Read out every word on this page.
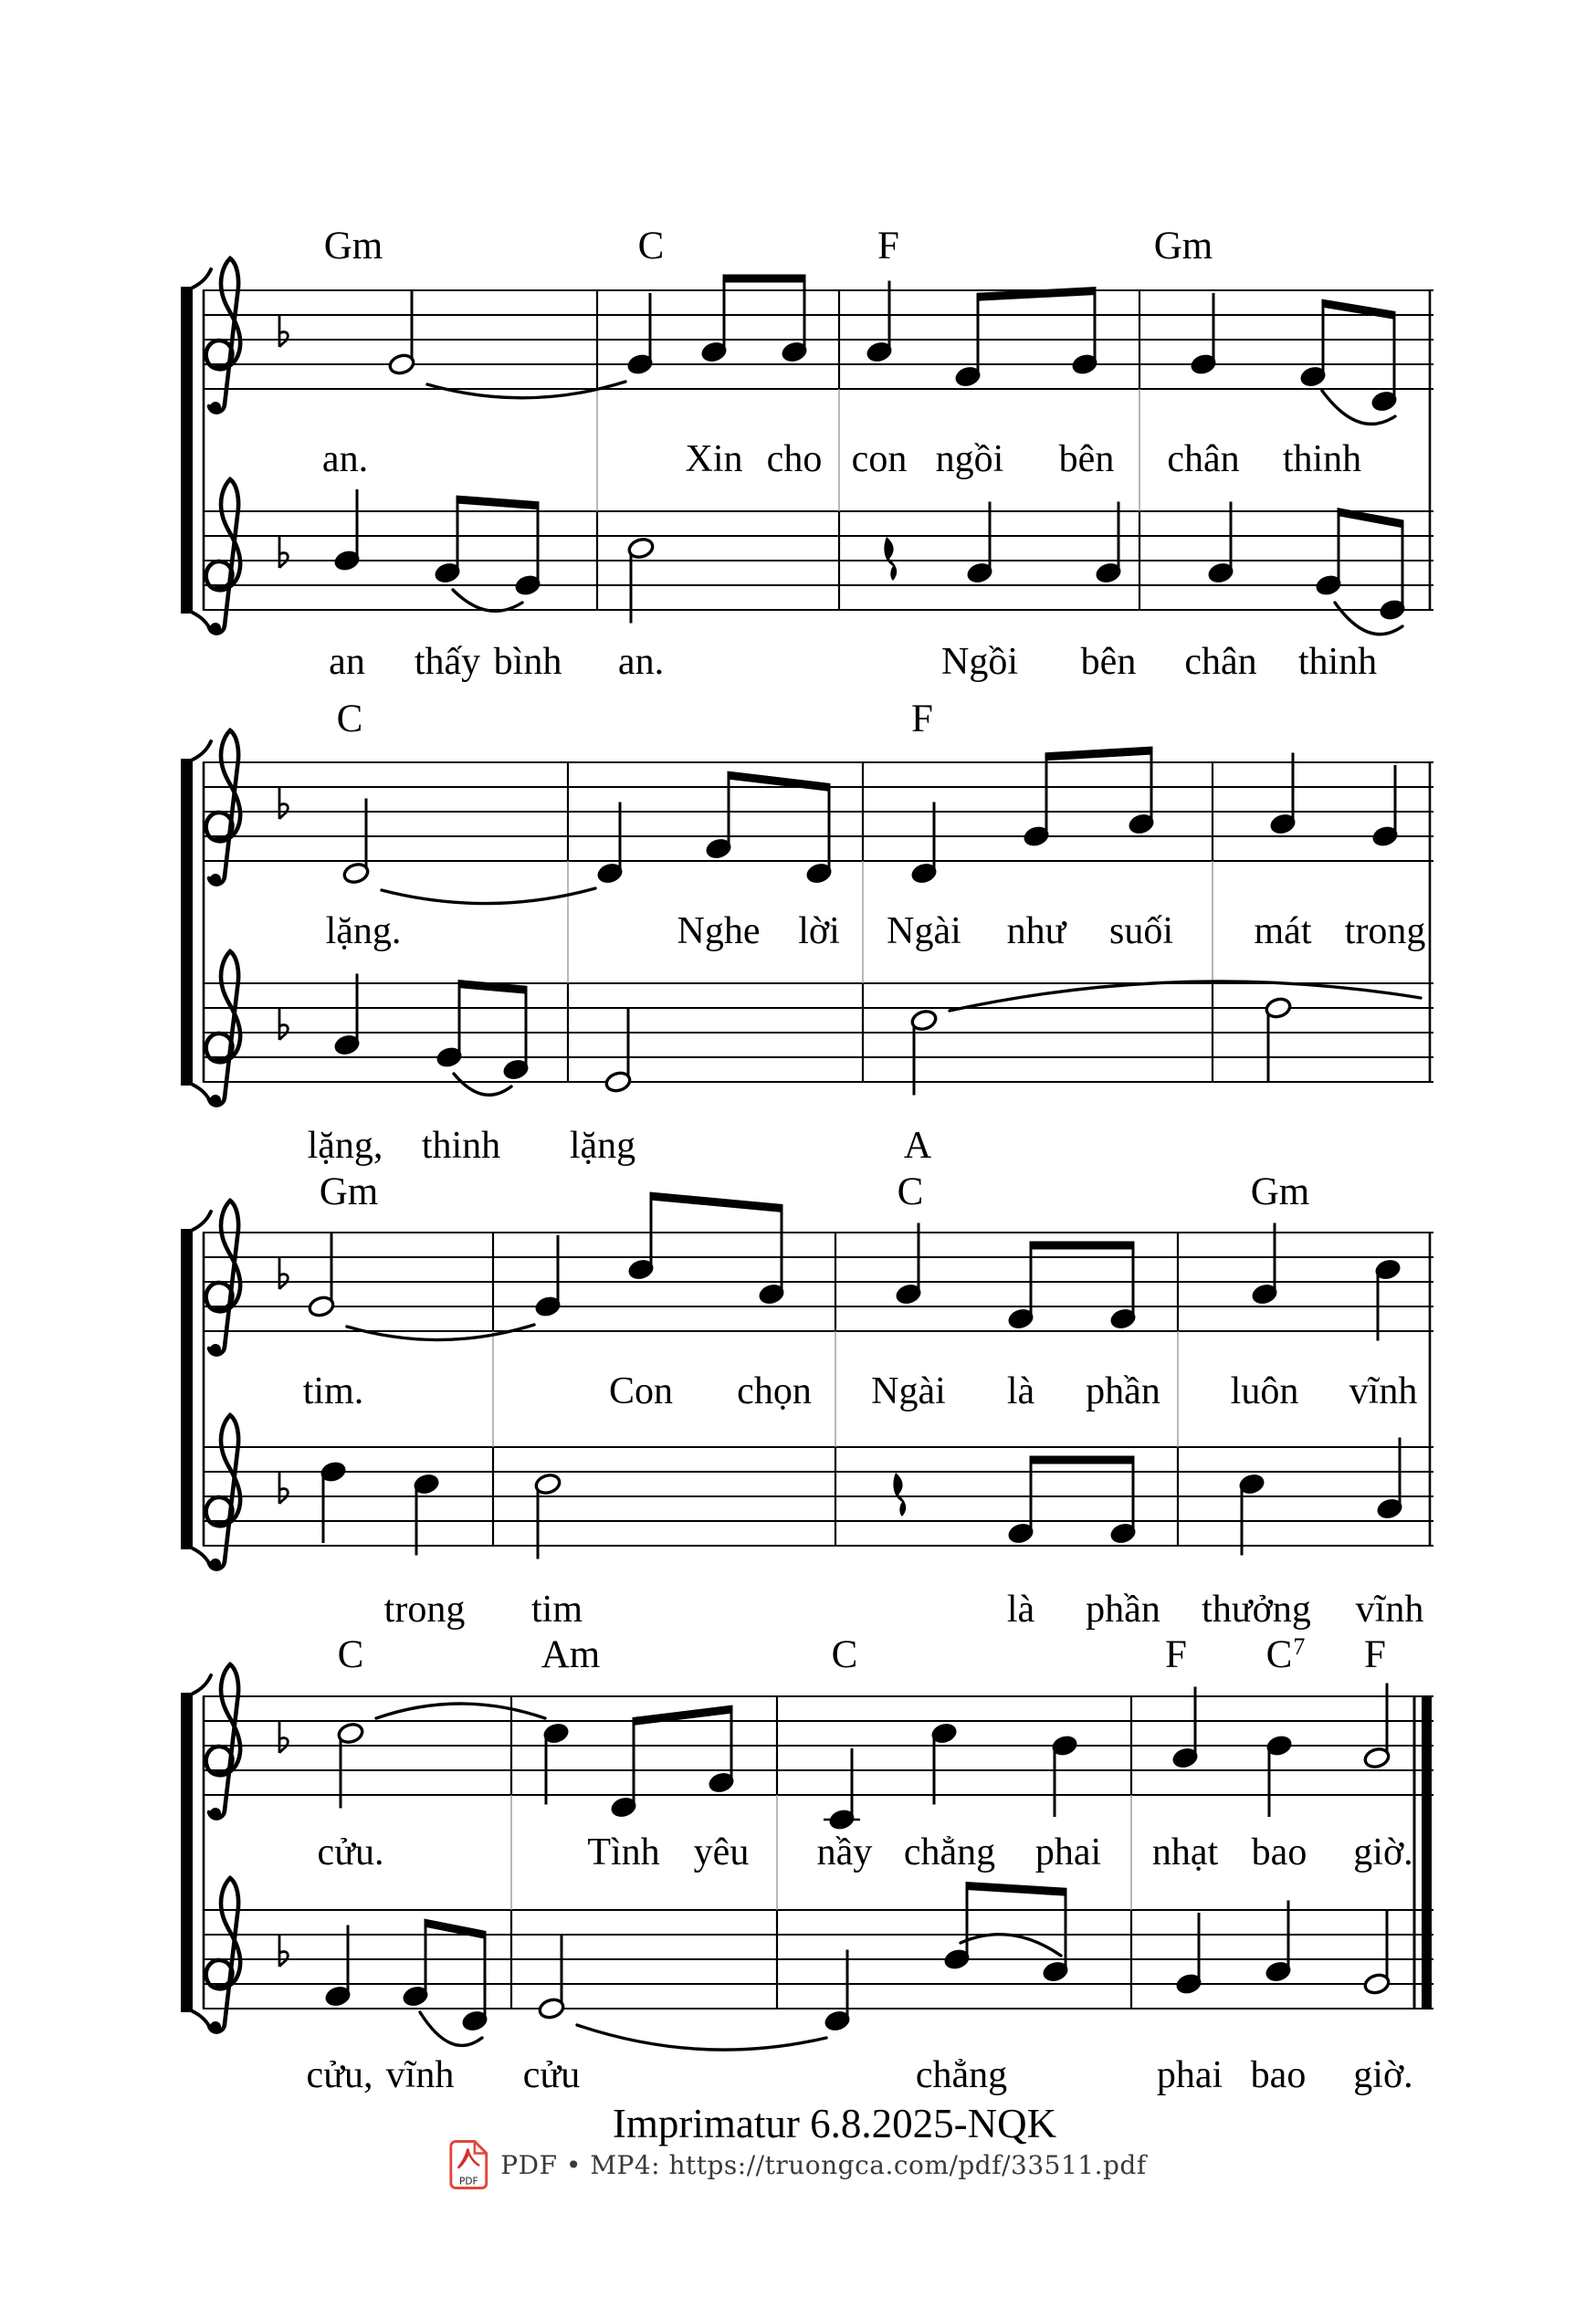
an.	Xin cho con ngồi bên chân thinh
an thấy bình an.	Ngồi bên chân thinh
Gm	C	F	Gm
lặng.	Nghe lời Ngài như suối mát trong
lặng, thinh lặng	A
C	F
tim.	Con chọn Ngài là phần luôn vĩnh
trong tim	là phần thưởng vĩnh
Gm	C	Gm
cửu.	Tình yêu nầy chẳng phai nhạt bao giờ.
cửu, vĩnh cửu	chẳng	phai bao giờ.
C	Am	C	F $C^7$ F
Imprimatur 6.8.2025-NQK
PDF
PDF • MP4: https://truongca.com/pdf/33511.pdf
